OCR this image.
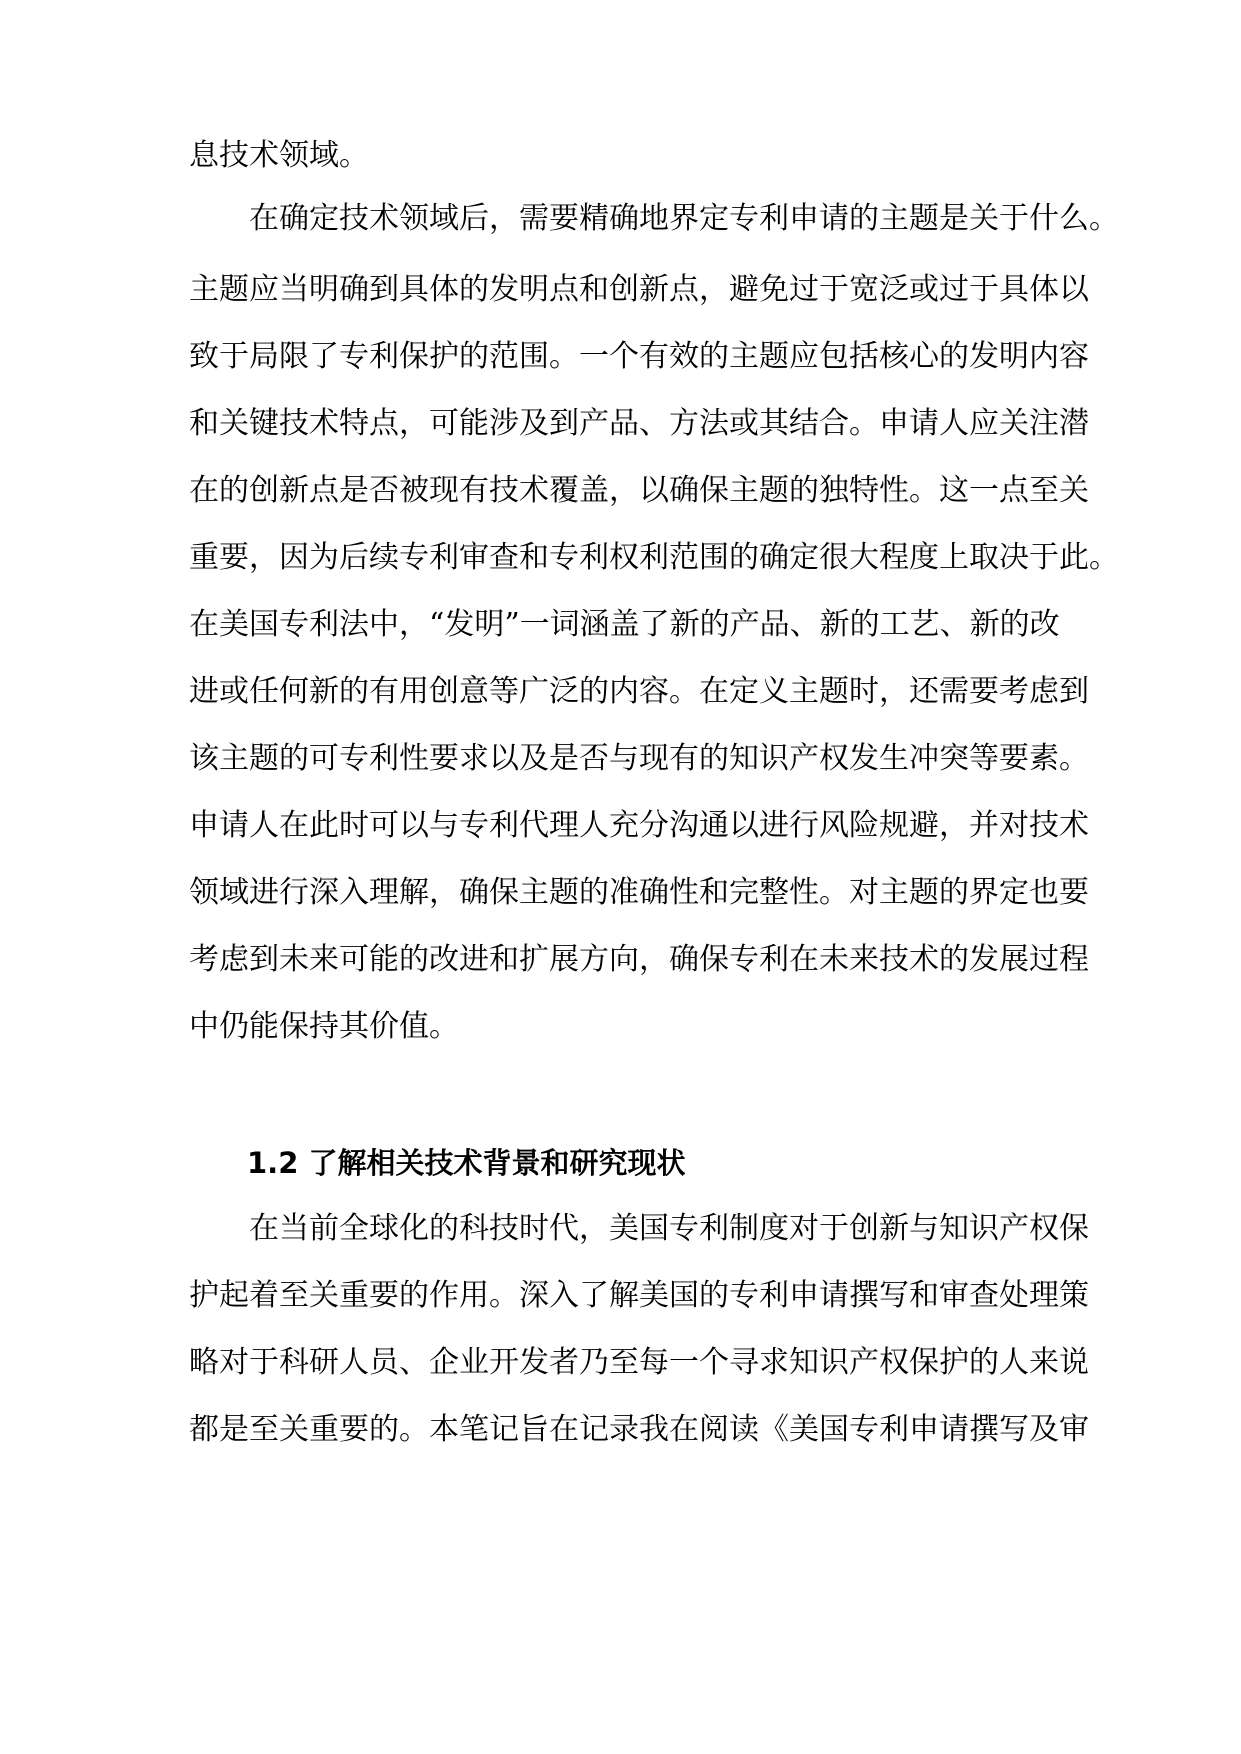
息技术领域。
在确定技术领域后，需要精确地界定专利申请的主题是关于什么。
主题应当明确到具体的发明点和创新点，避免过于宽泛或过于具体以
致于局限了专利保护的范围。一个有效的主题应包括核心的发明内容
和关键技术特点，可能涉及到产品、方法或其结合。申请人应关注潜
在的创新点是否被现有技术覆盖，以确保主题的独特性。这一点至关
重要，因为后续专利审查和专利权利范围的确定很大程度上取决于此。
在美国专利法中，“发明”一词涵盖了新的产品、新的工艺、新的改
进或任何新的有用创意等广泛的内容。在定义主题时，还需要考虑到
该主题的可专利性要求以及是否与现有的知识产权发生冲突等要素。
申请人在此时可以与专利代理人充分沟通以进行风险规避，并对技术
领域进行深入理解，确保主题的准确性和完整性。对主题的界定也要
考虑到未来可能的改进和扩展方向，确保专利在未来技术的发展过程
中仍能保持其价值。
1.2 了解相关技术背景和研究现状
在当前全球化的科技时代，美国专利制度对于创新与知识产权保
护起着至关重要的作用。深入了解美国的专利申请撰写和审查处理策
略对于科研人员、企业开发者乃至每一个寻求知识产权保护的人来说
都是至关重要的。本笔记旨在记录我在阅读《美国专利申请撰写及审
